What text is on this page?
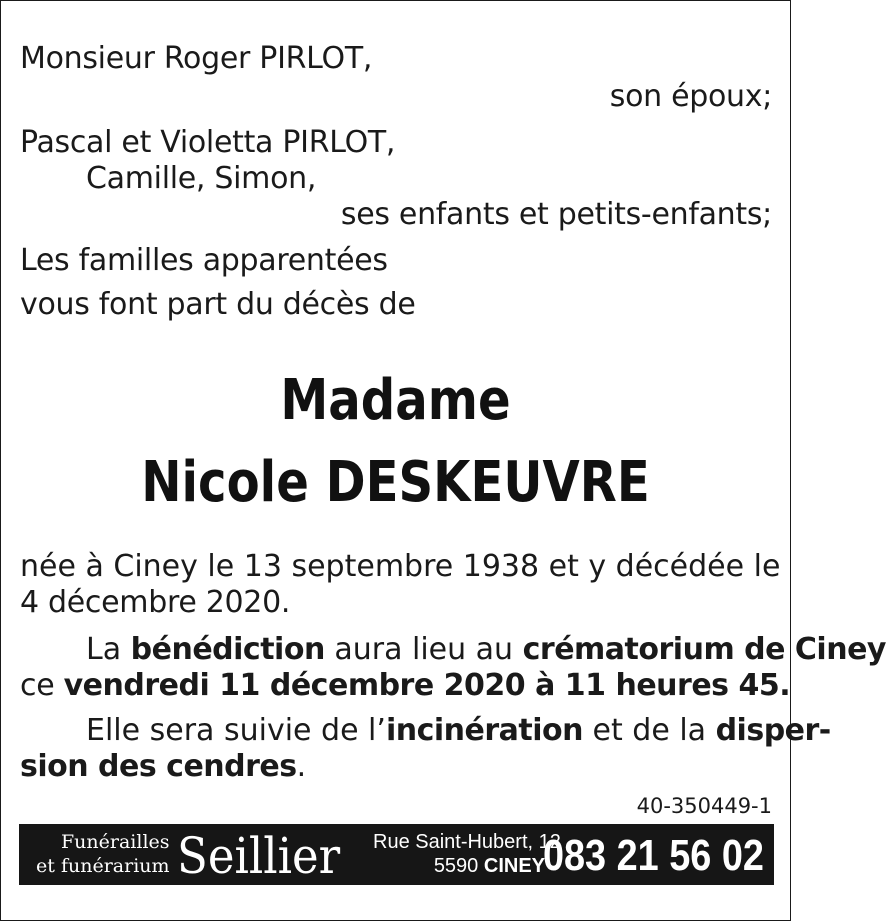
Monsieur Roger PIRLOT,
son époux;
Pascal et Violetta PIRLOT,
Camille, Simon,
ses enfants et petits-enfants;
Les familles apparentées
vous font part du décès de
Madame
Nicole DESKEUVRE
née à Ciney le 13 septembre 1938 et y décédée le
4 décembre 2020.
La bénédiction aura lieu au crématorium de Ciney
ce vendredi 11 décembre 2020 à 11 heures 45.
Elle sera suivie de l’incinération et de la disper-
sion des cendres.
40-350449-1
Funérailles
et funérarium Seillier Rue Saint-Hubert, 12
5590 CINEY
083 21 56 02
